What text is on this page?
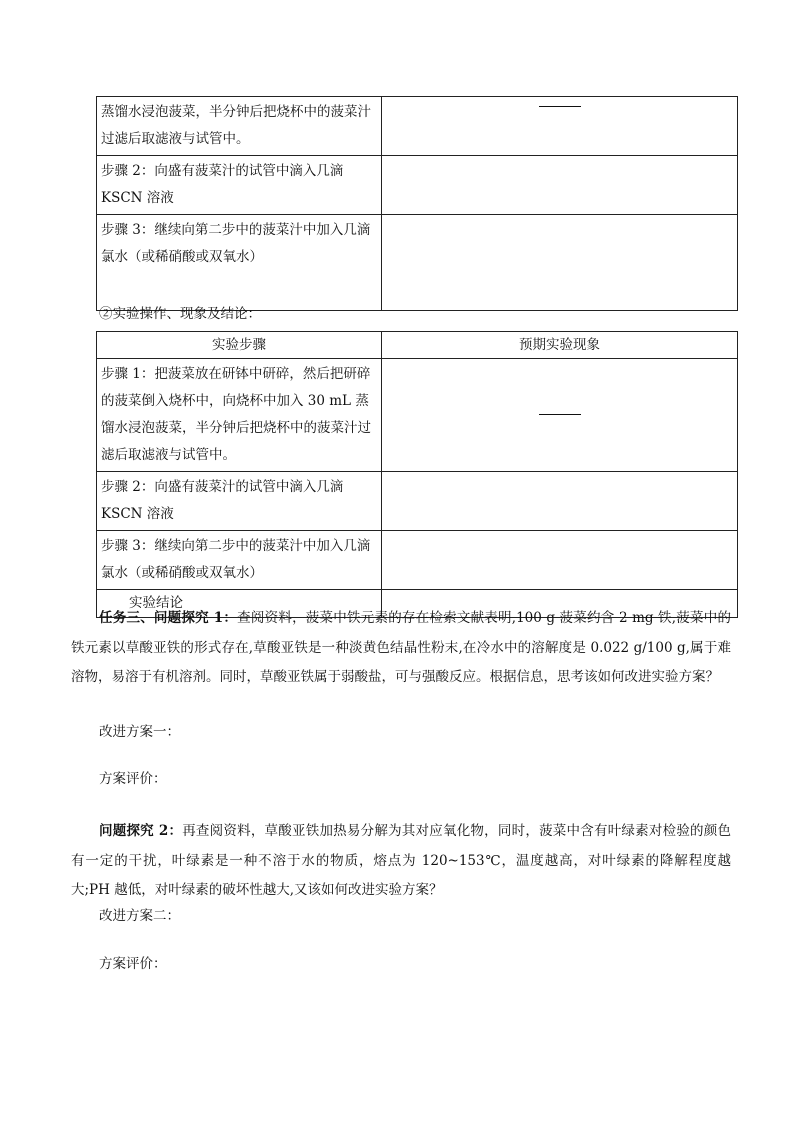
蒸馏水浸泡菠菜，半分钟后把烧杯中的菠菜汁过滤后取滤液与试管中。	

步骤 2：向盛有菠菜汁的试管中滴入几滴 KSCN 溶液	
步骤 3：继续向第二步中的菠菜汁中加入几滴氯水（或稀硝酸或双氧水）	
②实验操作、现象及结论：
实验步骤	预期实验现象
步骤 1：把菠菜放在研钵中研碎，然后把研碎的菠菜倒入烧杯中，向烧杯中加入 30 mL 蒸馏水浸泡菠菜，半分钟后把烧杯中的菠菜汁过滤后取滤液与试管中。	

步骤 2：向盛有菠菜汁的试管中滴入几滴 KSCN 溶液	
步骤 3：继续向第二步中的菠菜汁中加入几滴氯水（或稀硝酸或双氧水）	
实验结论	
任务三、问题探究 1：查阅资料，菠菜中铁元素的存在检索文献表明,100 g 菠菜约含 2 mg 铁,菠菜中的铁元素以草酸亚铁的形式存在,草酸亚铁是一种淡黄色结晶性粉末,在冷水中的溶解度是 0.022 g/100 g,属于难溶物，易溶于有机溶剂。同时，草酸亚铁属于弱酸盐，可与强酸反应。根据信息，思考该如何改进实验方案？
改进方案一：
方案评价：
问题探究 2：再查阅资料，草酸亚铁加热易分解为其对应氧化物，同时，菠菜中含有叶绿素对检验的颜色有一定的干扰，叶绿素是一种不溶于水的物质，熔点为 120~153℃，温度越高，对叶绿素的降解程度越大;PH 越低，对叶绿素的破坏性越大,又该如何改进实验方案？
改进方案二：
方案评价：
